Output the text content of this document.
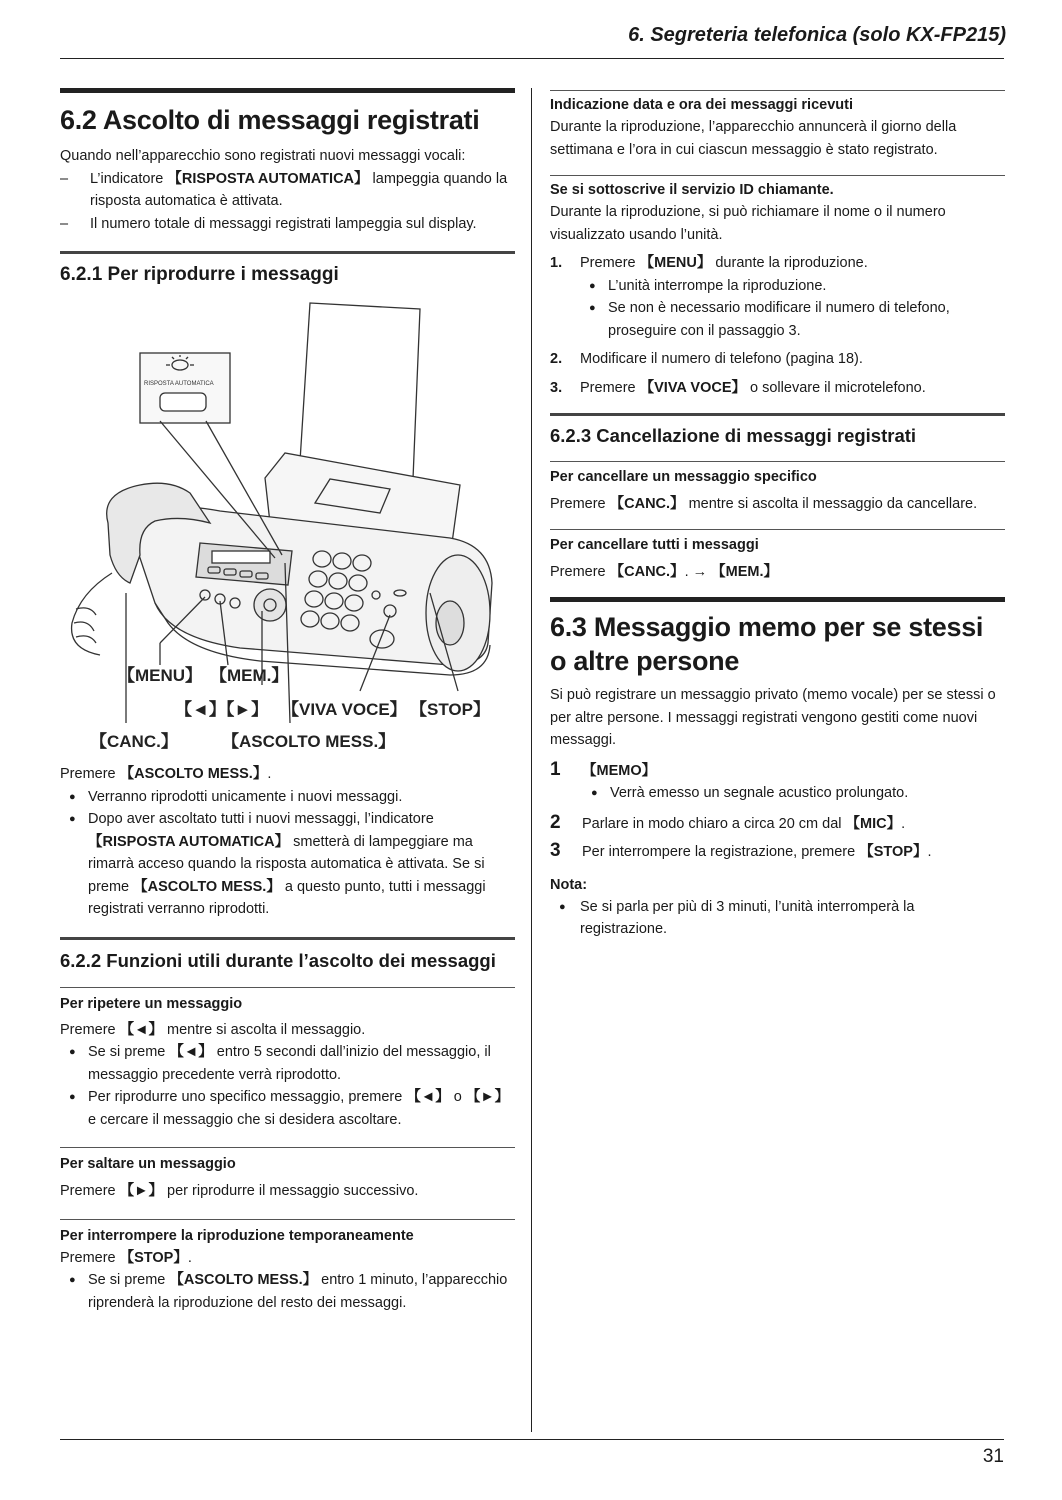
6. Segreteria telefonica (solo KX-FP215)
31
6.2 Ascolto di messaggi registrati

Quando nell’apparecchio sono registrati nuovi messaggi vocali:

– L’indicatore 【RISPOSTA AUTOMATICA】 lampeggia quando la risposta automatica è attivata.
– Il numero totale di messaggi registrati lampeggia sul display.
6.2.1 Per riprodurre i messaggi
RISPOSTA AUTOMATICA
【MENU】 【MEM.】
【◄】【►】 【VIVA VOCE】 【STOP】
【CANC.】	【ASCOLTO MESS.】

Premere 【ASCOLTO MESS.】.

● Verranno riprodotti unicamente i nuovi messaggi.
● Dopo aver ascoltato tutti i nuovi messaggi, l’indicatore 【RISPOSTA AUTOMATICA】 smetterà di lampeggiare ma rimarrà acceso quando la risposta automatica è attivata. Se si preme 【ASCOLTO MESS.】 a questo punto, tutti i messaggi registrati verranno riprodotti.
6.2.2 Funzioni utili durante l’ascolto dei messaggi
Per ripetere un messaggio

Premere 【◄】 mentre si ascolta il messaggio.

● Se si preme 【◄】 entro 5 secondi dall’inizio del messaggio, il messaggio precedente verrà riprodotto.
● Per riprodurre uno specifico messaggio, premere 【◄】 o 【►】 e cercare il messaggio che si desidera ascoltare.
Per saltare un messaggio

Premere 【►】 per riprodurre il messaggio successivo.

Per interrompere la riproduzione temporaneamente

Premere 【STOP】.

● Se si preme 【ASCOLTO MESS.】 entro 1 minuto, l’apparecchio riprenderà la riproduzione del resto dei messaggi.
Indicazione data e ora dei messaggi ricevuti

Durante la riproduzione, l’apparecchio annuncerà il giorno della settimana e l’ora in cui ciascun messaggio è stato registrato.

Se si sottoscrive il servizio ID chiamante.

Durante la riproduzione, si può richiamare il nome o il numero visualizzato usando l’unità.

1. Premere 【MENU】 durante la riproduzione.
● L’unità interrompe la riproduzione.
● Se non è necessario modificare il numero di telefono, proseguire con il passaggio 3.
2. Modificare il numero di telefono (pagina 18).
3. Premere 【VIVA VOCE】 o sollevare il microtelefono.
6.2.3 Cancellazione di messaggi registrati
Per cancellare un messaggio specifico

Premere 【CANC.】 mentre si ascolta il messaggio da cancellare.

Per cancellare tutti i messaggi

Premere 【CANC.】. → 【MEM.】

6.3 Messaggio memo per se stessi o altre persone

Si può registrare un messaggio privato (memo vocale) per se stessi o per altre persone. I messaggi registrati vengono gestiti come nuovi messaggi.

1 【MEMO】
● Verrà emesso un segnale acustico prolungato.
2 Parlare in modo chiaro a circa 20 cm dal 【MIC】.
3 Per interrompere la registrazione, premere 【STOP】.
Nota:
● Se si parla per più di 3 minuti, l’unità interromperà la registrazione.
